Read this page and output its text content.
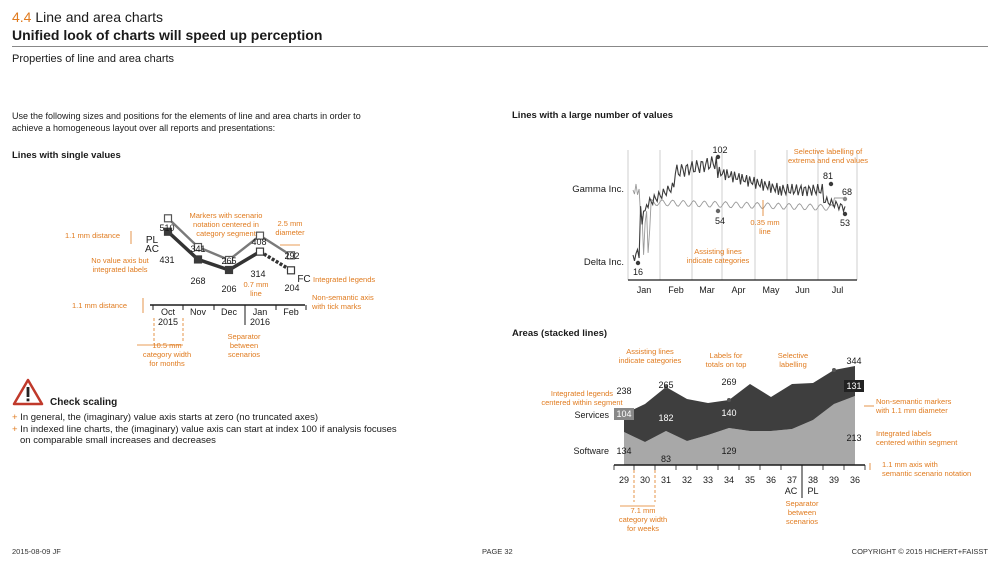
4.4 Line and area charts
Unified look of charts will speed up perception
Properties of line and area charts
Use the following sizes and positions for the elements of line and area charts in order to achieve a homogeneous layout over all reports and presentations:
Lines with single values
Lines with a large number of values
Areas (stacked lines)
Oct
2015
Nov Dec Jan
2016
Feb
510
341
265
408
292
431
268
206
314
204
PL
AC
FC
1.1 mm distance
No value axis but
integrated labels
Markers with scenario
notation centered in
category segment
2.5 mm
diameter
0.7 mm
line
Integrated legends
1.1 mm distance
Non-semantic axis
with tick marks
10.5 mm
category width
for months
Separator
between
scenarios
Check scaling
+ In general, the (imaginary) value axis starts at zero (no truncated axes)
+ In indexed line charts, the (imaginary) value axis can start at index 100 if analysis focuses on comparable small increases and decreases
Jan Feb Mar Apr May Jun Jul
Gamma Inc.
Delta Inc.
102
16
54
81
68
53
Selective labelling of
extrema and end values
0.35 mm
line
Assisting lines
indicate categories
29 30 31 32 33 34 35 36 37 38 39 36
AC PL
238
265	269
344
Services
Software
104
134
182
83
140
129
131
213
Assisting lines
indicate categories
Labels for
totals on top
Selective
labelling
Integrated legends
centered within segment	Non-semantic markers
with 1.1 mm diameter
Integrated labels
centered within segment
1.1 mm axis with
semantic scenario notation
7.1 mm
category width
for weeks
Separator
between
scenarios
2015-08-09 JF	PAGE 32	COPYRIGHT © 2015 HICHERT+FAISST
